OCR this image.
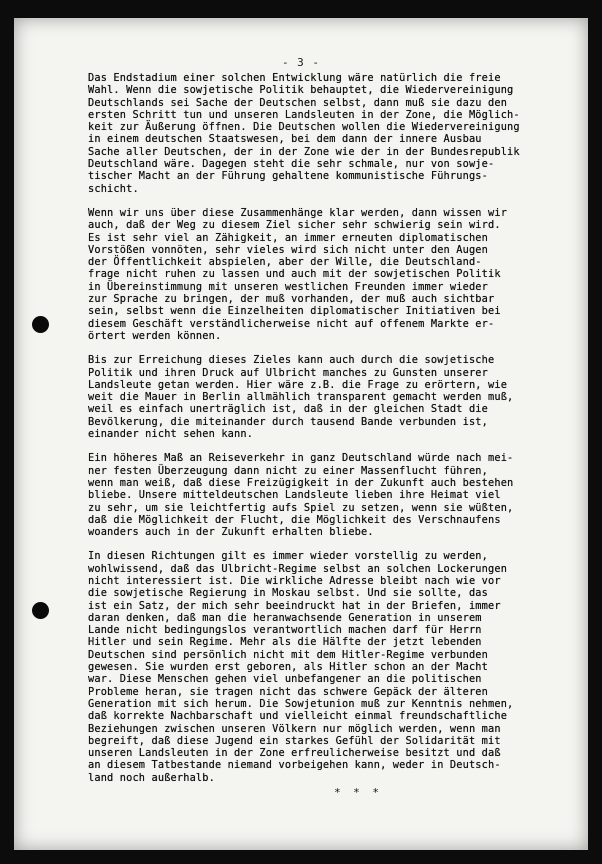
- 3 -

Das Endstadium einer solchen Entwicklung wäre natürlich die freie
Wahl. Wenn die sowjetische Politik behauptet, die Wiedervereinigung
Deutschlands sei Sache der Deutschen selbst, dann muß sie dazu den
ersten Schritt tun und unseren Landsleuten in der Zone, die Möglich-
keit zur Äußerung öffnen. Die Deutschen wollen die Wiedervereinigung
in einem deutschen Staatswesen, bei dem dann der innere Ausbau
Sache aller Deutschen, der in der Zone wie der in der Bundesrepublik
Deutschland wäre. Dagegen steht die sehr schmale, nur von sowje-
tischer Macht an der Führung gehaltene kommunistische Führungs-
schicht.

Wenn wir uns über diese Zusammenhänge klar werden, dann wissen wir
auch, daß der Weg zu diesem Ziel sicher sehr schwierig sein wird.
Es ist sehr viel an Zähigkeit, an immer erneuten diplomatischen
Vorstößen vonnöten, sehr vieles wird sich nicht unter den Augen
der Öffentlichkeit abspielen, aber der Wille, die Deutschland-
frage nicht ruhen zu lassen und auch mit der sowjetischen Politik
in Übereinstimmung mit unseren westlichen Freunden immer wieder
zur Sprache zu bringen, der muß vorhanden, der muß auch sichtbar
sein, selbst wenn die Einzelheiten diplomatischer Initiativen bei
diesem Geschäft verständlicherweise nicht auf offenem Markte er-
örtert werden können.

Bis zur Erreichung dieses Zieles kann auch durch die sowjetische
Politik und ihren Druck auf Ulbricht manches zu Gunsten unserer
Landsleute getan werden. Hier wäre z.B. die Frage zu erörtern, wie
weit die Mauer in Berlin allmählich transparent gemacht werden muß,
weil es einfach unerträglich ist, daß in der gleichen Stadt die
Bevölkerung, die miteinander durch tausend Bande verbunden ist,
einander nicht sehen kann.

Ein höheres Maß an Reiseverkehr in ganz Deutschland würde nach mei-
ner festen Überzeugung dann nicht zu einer Massenflucht führen,
wenn man weiß, daß diese Freizügigkeit in der Zukunft auch bestehen
bliebe. Unsere mitteldeutschen Landsleute lieben ihre Heimat viel
zu sehr, um sie leichtfertig aufs Spiel zu setzen, wenn sie wüßten,
daß die Möglichkeit der Flucht, die Möglichkeit des Verschnaufens
woanders auch in der Zukunft erhalten bliebe.

In diesen Richtungen gilt es immer wieder vorstellig zu werden,
wohlwissend, daß das Ulbricht-Regime selbst an solchen Lockerungen
nicht interessiert ist. Die wirkliche Adresse bleibt nach wie vor
die sowjetische Regierung in Moskau selbst. Und sie sollte, das
ist ein Satz, der mich sehr beeindruckt hat in der Briefen, immer
daran denken, daß man die heranwachsende Generation in unserem
Lande nicht bedingungslos verantwortlich machen darf für Herrn
Hitler und sein Regime. Mehr als die Hälfte der jetzt lebenden
Deutschen sind persönlich nicht mit dem Hitler-Regime verbunden
gewesen. Sie wurden erst geboren, als Hitler schon an der Macht
war. Diese Menschen gehen viel unbefangener an die politischen
Probleme heran, sie tragen nicht das schwere Gepäck der älteren
Generation mit sich herum. Die Sowjetunion muß zur Kenntnis nehmen,
daß korrekte Nachbarschaft und vielleicht einmal freundschaftliche
Beziehungen zwischen unseren Völkern nur möglich werden, wenn man
begreift, daß diese Jugend ein starkes Gefühl der Solidarität mit
unseren Landsleuten in der Zone erfreulicherweise besitzt und daß
an diesem Tatbestande niemand vorbeigehen kann, weder in Deutsch-
land noch außerhalb.

* * *
